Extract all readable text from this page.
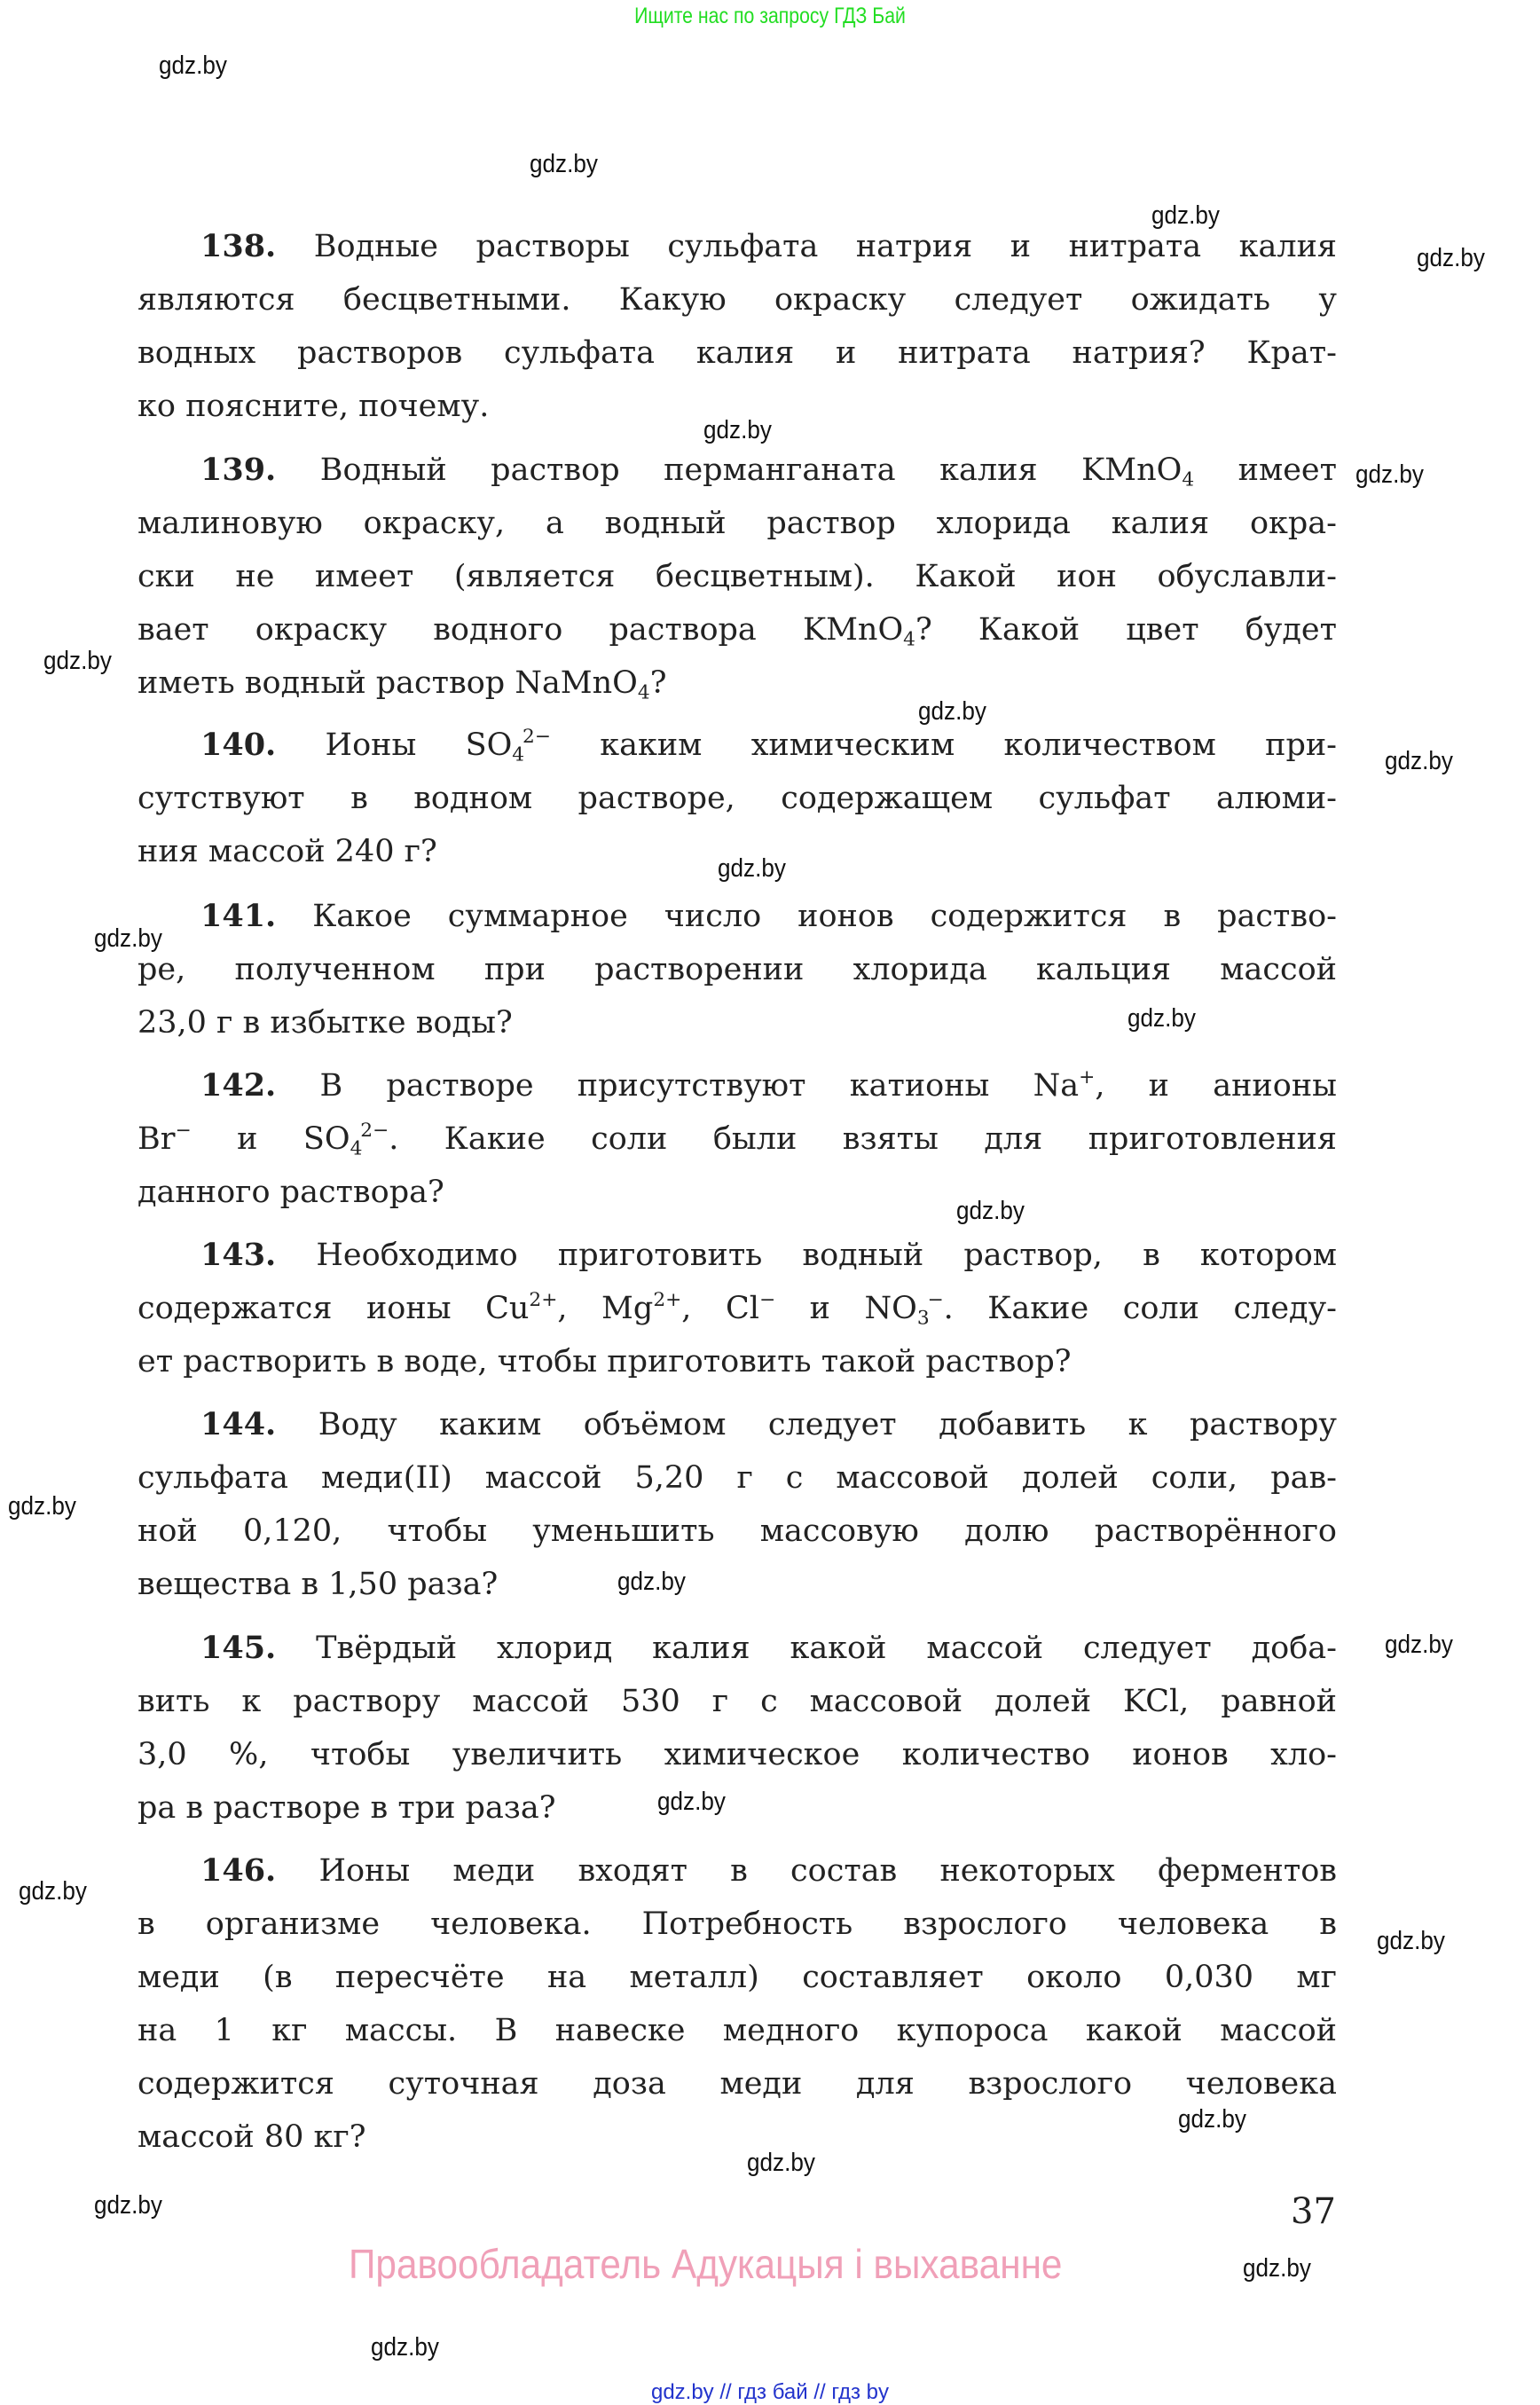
Ищите нас по запросу ГДЗ Бай
gdz.by
gdz.by
gdz.by
gdz.by
gdz.by
gdz.by
gdz.by
gdz.by
gdz.by
gdz.by
gdz.by
gdz.by
gdz.by
gdz.by
gdz.by
gdz.by
gdz.by
gdz.by
gdz.by
gdz.by
gdz.by
gdz.by
gdz.by
gdz.by
138. Водные растворы сульфата натрия и нитрата калия
являются бесцветными. Какую окраску следует ожидать у
водных растворов сульфата калия и нитрата натрия? Крат-
ко поясните, почему.
139. Водный раствор перманганата калия KMnO$_4$ имеет
малиновую окраску, а водный раствор хлорида калия окра-
ски не имеет (является бесцветным). Какой ион обуславли-
вает окраску водного раствора KMnO$_4$? Какой цвет будет
иметь водный раствор NaMnO$_4$?
140. Ионы $SO_4^{2-}$ каким химическим количеством при-
сутствуют в водном растворе, содержащем сульфат алюми-
ния массой 240 г?
141. Какое суммарное число ионов содержится в раство-
ре, полученном при растворении хлорида кальция массой
23,0 г в избытке воды?
142. В растворе присутствуют катионы Na+, и анионы
Br− и $SO_4^{2-}$. Какие соли были взяты для приготовления
данного раствора?
143. Необходимо приготовить водный раствор, в котором
содержатся ионы $Cu^{2+}$, $Mg^{2+}$, Cl− и $NO_3^-$. Какие соли следу-
ет растворить в воде, чтобы приготовить такой раствор?
144. Воду каким объёмом следует добавить к раствору
сульфата меди(II) массой 5,20 г с массовой долей соли, рав-
ной 0,120, чтобы уменьшить массовую долю растворённого
вещества в 1,50 раза?
145. Твёрдый хлорид калия какой массой следует доба-
вить к раствору массой 530 г с массовой долей KCl, равной
3,0 %, чтобы увеличить химическое количество ионов хло-
ра в растворе в три раза?
146. Ионы меди входят в состав некоторых ферментов
в организме человека. Потребность взрослого человека в
меди (в пересчёте на металл) составляет около 0,030 мг
на 1 кг массы. В навеске медного купороса какой массой
содержится суточная доза меди для взрослого человека
массой 80 кг?
37
Правообладатель Адукацыя і выхаванне
gdz.by // гдз бай // гдз by
